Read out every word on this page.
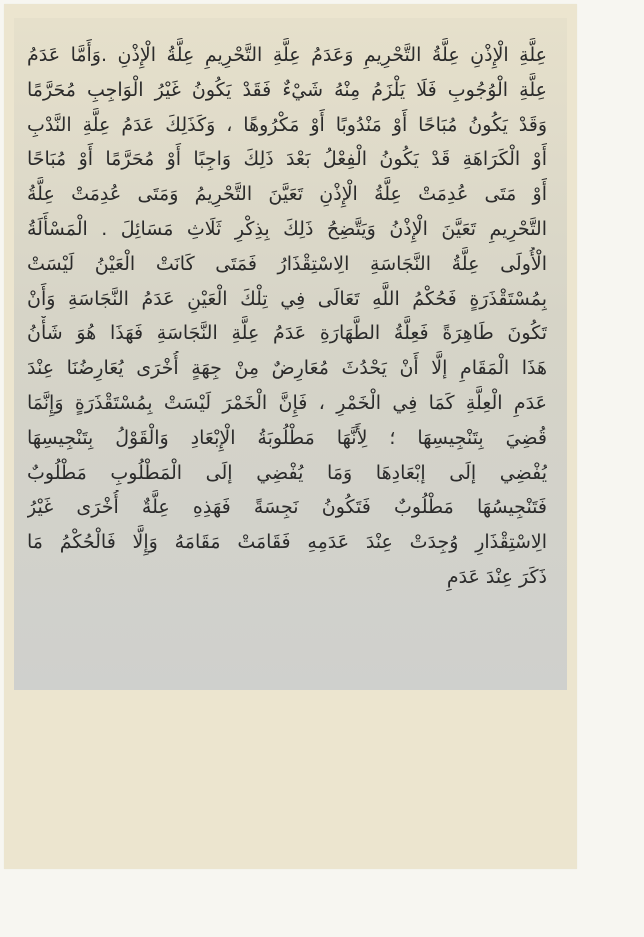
عِلَّةِ الْإِذْنِ عِلَّةُ التَّحْرِيمِ وَعَدَمُ عِلَّةِ التَّحْرِيمِ عِلَّةُ الْإِذْنِ .وَأَمَّا عَدَمُ
عِلَّةِ الْوُجُوبِ فَلَا يَلْزَمُ مِنْهُ شَيْءٌ فَقَدْ يَكُونُ غَيْرُ الْوَاجِبِ مُحَرَّمًا
وَقَدْ يَكُونُ مُبَاحًا أَوْ مَنْدُوبًا أَوْ مَكْرُوهًا ، وَكَذَلِكَ عَدَمُ عِلَّةِ النَّدْبِ
أَوْ الْكَرَاهَةِ قَدْ يَكُونُ الْفِعْلُ بَعْدَ ذَلِكَ وَاجِبًا أَوْ مُحَرَّمًا أَوْ مُبَاحًا
أَوْ مَتَى عُدِمَتْ عِلَّةُ الْإِذْنِ تَعَيَّنَ التَّحْرِيمُ وَمَتَى عُدِمَتْ عِلَّةُ
التَّحْرِيمِ تَعَيَّنَ الْإِذْنُ وَيَتَّضِحُ ذَلِكَ بِذِكْرِ ثَلَاثِ مَسَائِلَ . الْمَسْأَلَةُ
الْأُولَى عِلَّةُ النَّجَاسَةِ الِاسْتِقْذَارُ فَمَتَى كَانَتْ الْعَيْنُ لَيْسَتْ
بِمُسْتَقْذَرَةٍ فَحُكْمُ اللَّهِ تَعَالَى فِي تِلْكَ الْعَيْنِ عَدَمُ النَّجَاسَةِ وَأَنْ
تَكُونَ طَاهِرَةً فَعِلَّةُ الطَّهَارَةِ عَدَمُ عِلَّةِ النَّجَاسَةِ فَهَذَا هُوَ شَأْنُ
هَذَا الْمَقَامِ إلَّا أَنْ يَحْدُثَ مُعَارِضٌ مِنْ جِهَةٍ أُخْرَى يُعَارِضُنَا عِنْدَ
عَدَمِ الْعِلَّةِ كَمَا فِي الْخَمْرِ ، فَإِنَّ الْخَمْرَ لَيْسَتْ بِمُسْتَقْذَرَةٍ وَإِنَّمَا
قُضِيَ بِتَنْجِيسِهَا ؛ لِأَنَّهَا مَطْلُوبَةُ الْإِبْعَادِ وَالْقَوْلُ بِتَنْجِيسِهَا
يُفْضِي إلَى إبْعَادِهَا وَمَا يُفْضِي إلَى الْمَطْلُوبِ مَطْلُوبٌ
فَتَنْجِيسُهَا مَطْلُوبٌ فَتَكُونُ نَجِسَةً فَهَذِهِ عِلَّةٌ أُخْرَى غَيْرُ
الِاسْتِقْذَارِ وُجِدَتْ عِنْدَ عَدَمِهِ فَقَامَتْ مَقَامَهُ وَإِلَّا فَالْحُكْمُ مَا
ذَكَرَ عِنْدَ عَدَمِ
